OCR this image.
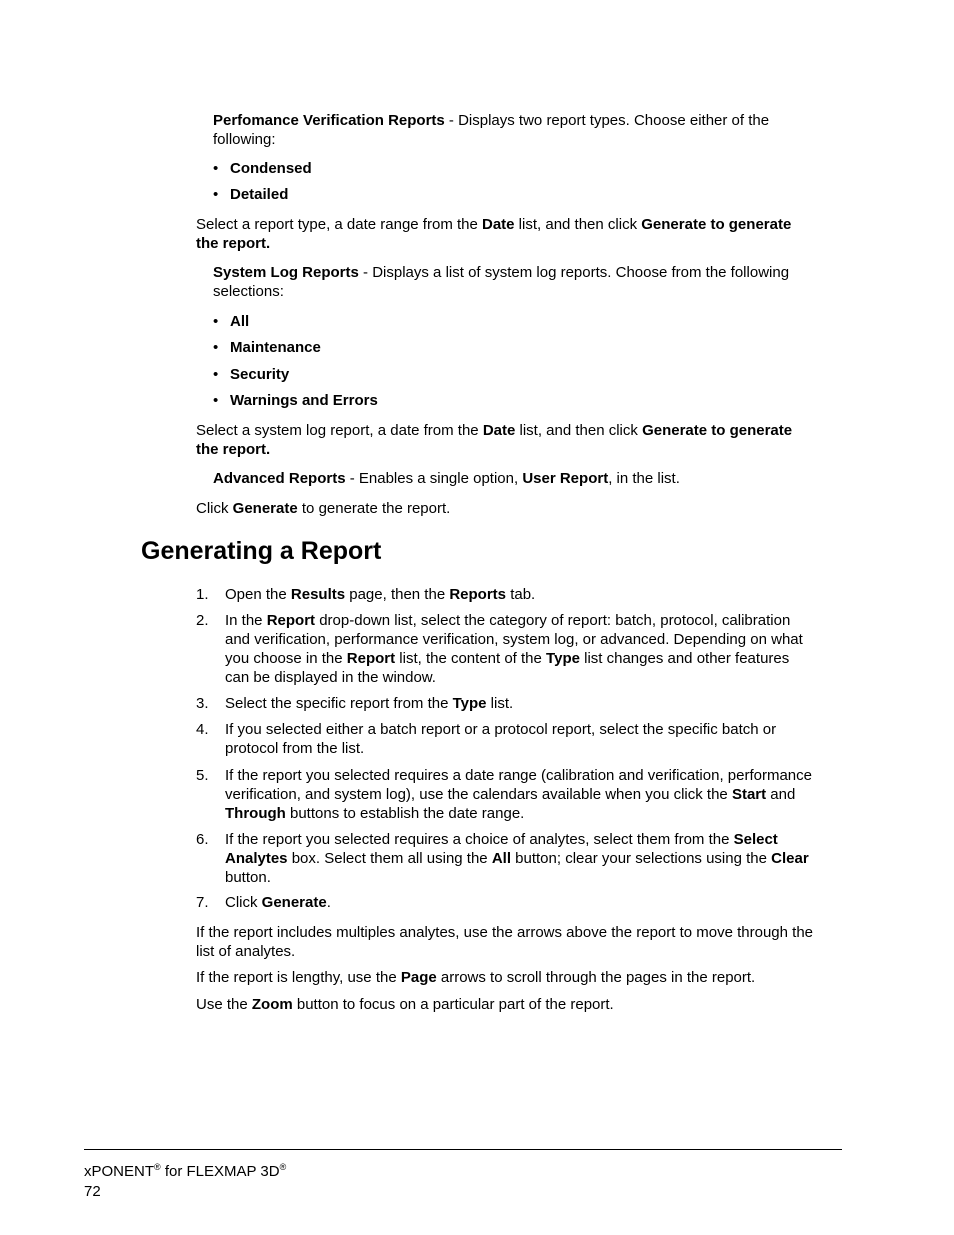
Perfomance Verification Reports - Displays two report types. Choose either of the
following:

• Condensed
• Detailed

Select a report type, a date range from the Date list, and then click Generate to generate
the report.

System Log Reports - Displays a list of system log reports. Choose from the following
selections:

• All
• Maintenance
• Security
• Warnings and Errors

Select a system log report, a date from the Date list, and then click Generate to generate
the report.

Advanced Reports - Enables a single option, User Report, in the list.

Click Generate to generate the report.

Generating a Report
1.	Open the Results page, then the Reports tab.
2.	In the Report drop-down list, select the category of report: batch, protocol, calibration
and verification, performance verification, system log, or advanced. Depending on what
you choose in the Report list, the content of the Type list changes and other features
can be displayed in the window.
3.	Select the specific report from the Type list.
4.	If you selected either a batch report or a protocol report, select the specific batch or
protocol from the list.
5.	If the report you selected requires a date range (calibration and verification, performance
verification, and system log), use the calendars available when you click the Start and
Through buttons to establish the date range.
6.	If the report you selected requires a choice of analytes, select them from the Select
Analytes box. Select them all using the All button; clear your selections using the Clear
button.
7.	Click Generate.

If the report includes multiples analytes, use the arrows above the report to move through the
list of analytes.

If the report is lengthy, use the Page arrows to scroll through the pages in the report.

Use the Zoom button to focus on a particular part of the report.

xPONENT® for FLEXMAP 3D®
72
